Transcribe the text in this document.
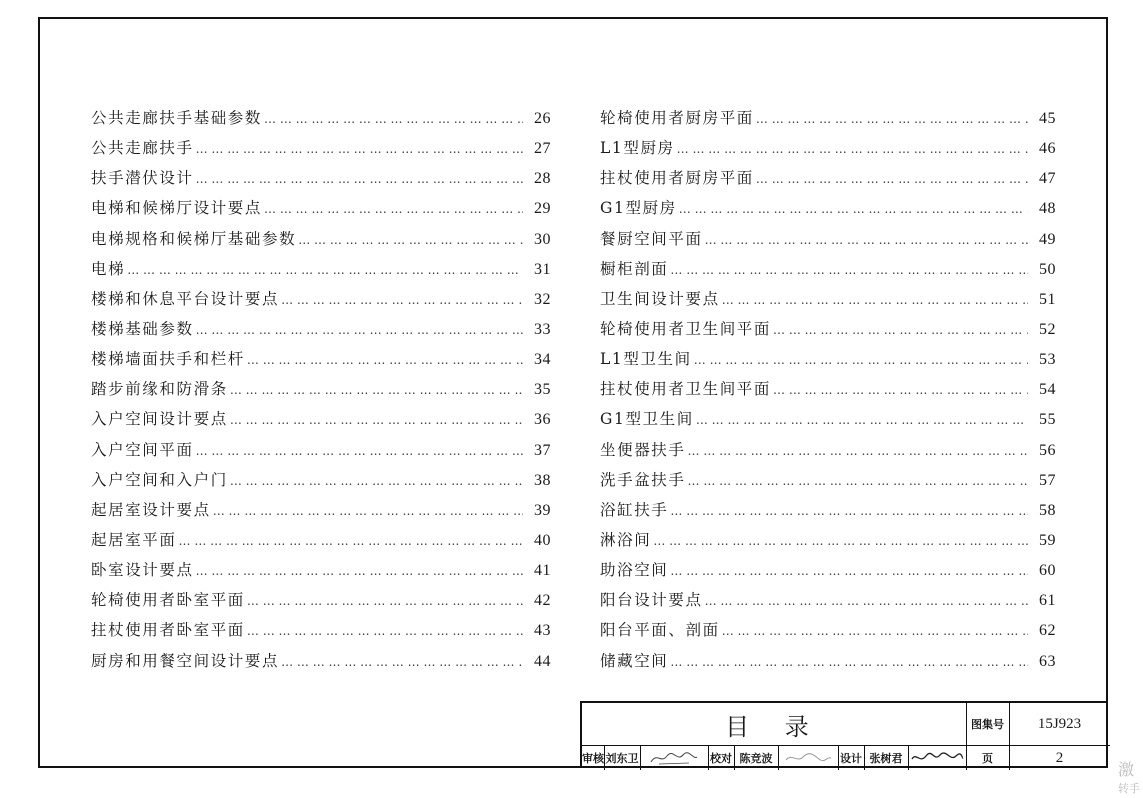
公共走廊扶手基础参数 … … … … … … … … … … … … … … … … … … … … … … … … … … … … … … … … … … … … … … … … … … … …	26
公共走廊扶手 … … … … … … … … … … … … … … … … … … … … … … … … … … … … … … … … … … … … … … … … … … … …	27
扶手潜伏设计 … … … … … … … … … … … … … … … … … … … … … … … … … … … … … … … … … … … … … … … … … … … …	28
电梯和候梯厅设计要点 … … … … … … … … … … … … … … … … … … … … … … … … … … … … … … … … … … … … … … … … … … … …	29
电梯规格和候梯厅基础参数 … … … … … … … … … … … … … … … … … … … … … … … … … … … … … … … … … … … … … … … … … … … …	30
电梯 … … … … … … … … … … … … … … … … … … … … … … … … … … … … … … … … … … … … … … … … … … … …	31
楼梯和休息平台设计要点 … … … … … … … … … … … … … … … … … … … … … … … … … … … … … … … … … … … … … … … … … … … …	32
楼梯基础参数 … … … … … … … … … … … … … … … … … … … … … … … … … … … … … … … … … … … … … … … … … … … …	33
楼梯墙面扶手和栏杆 … … … … … … … … … … … … … … … … … … … … … … … … … … … … … … … … … … … … … … … … … … … …	34
踏步前缘和防滑条 … … … … … … … … … … … … … … … … … … … … … … … … … … … … … … … … … … … … … … … … … … … …	35
入户空间设计要点 … … … … … … … … … … … … … … … … … … … … … … … … … … … … … … … … … … … … … … … … … … … …	36
入户空间平面 … … … … … … … … … … … … … … … … … … … … … … … … … … … … … … … … … … … … … … … … … … … …	37
入户空间和入户门 … … … … … … … … … … … … … … … … … … … … … … … … … … … … … … … … … … … … … … … … … … … …	38
起居室设计要点 … … … … … … … … … … … … … … … … … … … … … … … … … … … … … … … … … … … … … … … … … … … …	39
起居室平面 … … … … … … … … … … … … … … … … … … … … … … … … … … … … … … … … … … … … … … … … … … … …	40
卧室设计要点 … … … … … … … … … … … … … … … … … … … … … … … … … … … … … … … … … … … … … … … … … … … …	41
轮椅使用者卧室平面 … … … … … … … … … … … … … … … … … … … … … … … … … … … … … … … … … … … … … … … … … … … …	42
拄杖使用者卧室平面 … … … … … … … … … … … … … … … … … … … … … … … … … … … … … … … … … … … … … … … … … … … …	43
厨房和用餐空间设计要点 … … … … … … … … … … … … … … … … … … … … … … … … … … … … … … … … … … … … … … … … … … … …	44
轮椅使用者厨房平面 … … … … … … … … … … … … … … … … … … … … … … … … … … … … … … … … … … … … … … … … … … … …	45
L1型厨房 … … … … … … … … … … … … … … … … … … … … … … … … … … … … … … … … … … … … … … … … … … … …	46
拄杖使用者厨房平面 … … … … … … … … … … … … … … … … … … … … … … … … … … … … … … … … … … … … … … … … … … … …	47
G1型厨房 … … … … … … … … … … … … … … … … … … … … … … … … … … … … … … … … … … … … … … … … … … … …	48
餐厨空间平面 … … … … … … … … … … … … … … … … … … … … … … … … … … … … … … … … … … … … … … … … … … … …	49
橱柜剖面 … … … … … … … … … … … … … … … … … … … … … … … … … … … … … … … … … … … … … … … … … … … …	50
卫生间设计要点 … … … … … … … … … … … … … … … … … … … … … … … … … … … … … … … … … … … … … … … … … … … …	51
轮椅使用者卫生间平面 … … … … … … … … … … … … … … … … … … … … … … … … … … … … … … … … … … … … … … … … … … … …	52
L1型卫生间 … … … … … … … … … … … … … … … … … … … … … … … … … … … … … … … … … … … … … … … … … … … …	53
拄杖使用者卫生间平面 … … … … … … … … … … … … … … … … … … … … … … … … … … … … … … … … … … … … … … … … … … … …	54
G1型卫生间 … … … … … … … … … … … … … … … … … … … … … … … … … … … … … … … … … … … … … … … … … … … …	55
坐便器扶手 … … … … … … … … … … … … … … … … … … … … … … … … … … … … … … … … … … … … … … … … … … … …	56
洗手盆扶手 … … … … … … … … … … … … … … … … … … … … … … … … … … … … … … … … … … … … … … … … … … … …	57
浴缸扶手 … … … … … … … … … … … … … … … … … … … … … … … … … … … … … … … … … … … … … … … … … … … …	58
淋浴间 … … … … … … … … … … … … … … … … … … … … … … … … … … … … … … … … … … … … … … … … … … … …	59
助浴空间 … … … … … … … … … … … … … … … … … … … … … … … … … … … … … … … … … … … … … … … … … … … …	60
阳台设计要点 … … … … … … … … … … … … … … … … … … … … … … … … … … … … … … … … … … … … … … … … … … … …	61
阳台平面、剖面 … … … … … … … … … … … … … … … … … … … … … … … … … … … … … … … … … … … … … … … … … … … …	62
储藏空间 … … … … … … … … … … … … … … … … … … … … … … … … … … … … … … … … … … … … … … … … … … … …	63
目 录	图集号	15J923
审核 刘东卫	校对 陈竞波	设计 张树君	页	2
激
转手
